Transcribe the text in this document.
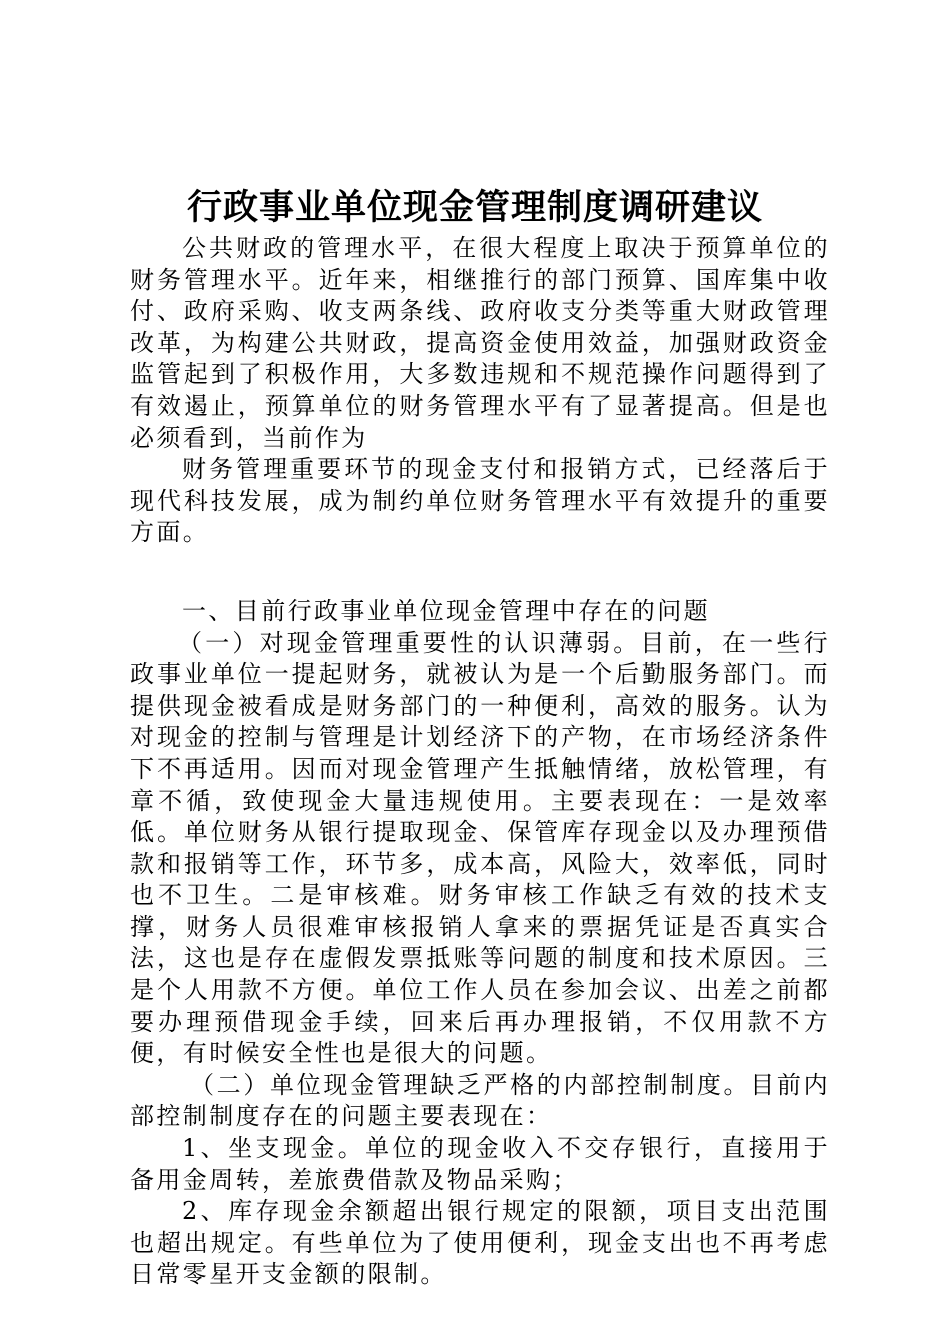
行政事业单位现金管理制度调研建议

公共财政的管理水平，在很大程度上取决于预算单位的财务管理水平。近年来，相继推行的部门预算、国库集中收付、政府采购、收支两条线、政府收支分类等重大财政管理改革，为构建公共财政，提高资金使用效益，加强财政资金监管起到了积极作用，大多数违规和不规范操作问题得到了有效遏止，预算单位的财务管理水平有了显著提高。但是也必须看到，当前作为

财务管理重要环节的现金支付和报销方式，已经落后于现代科技发展，成为制约单位财务管理水平有效提升的重要方面。

一、目前行政事业单位现金管理中存在的问题

（一）对现金管理重要性的认识薄弱。目前，在一些行政事业单位一提起财务，就被认为是一个后勤服务部门。而提供现金被看成是财务部门的一种便利，高效的服务。认为对现金的控制与管理是计划经济下的产物，在市场经济条件下不再适用。因而对现金管理产生抵触情绪，放松管理，有章不循，致使现金大量违规使用。主要表现在：一是效率低。单位财务从银行提取现金、保管库存现金以及办理预借款和报销等工作，环节多，成本高，风险大，效率低，同时也不卫生。二是审核难。财务审核工作缺乏有效的技术支撑，财务人员很难审核报销人拿来的票据凭证是否真实合法，这也是存在虚假发票抵账等问题的制度和技术原因。三是个人用款不方便。单位工作人员在参加会议、出差之前都要办理预借现金手续，回来后再办理报销，不仅用款不方便，有时候安全性也是很大的问题。

（二）单位现金管理缺乏严格的内部控制制度。目前内部控制制度存在的问题主要表现在：

1、坐支现金。单位的现金收入不交存银行，直接用于备用金周转，差旅费借款及物品采购；

2、库存现金余额超出银行规定的限额，项目支出范围也超出规定。有些单位为了使用便利，现金支出也不再考虑日常零星开支金额的限制。
